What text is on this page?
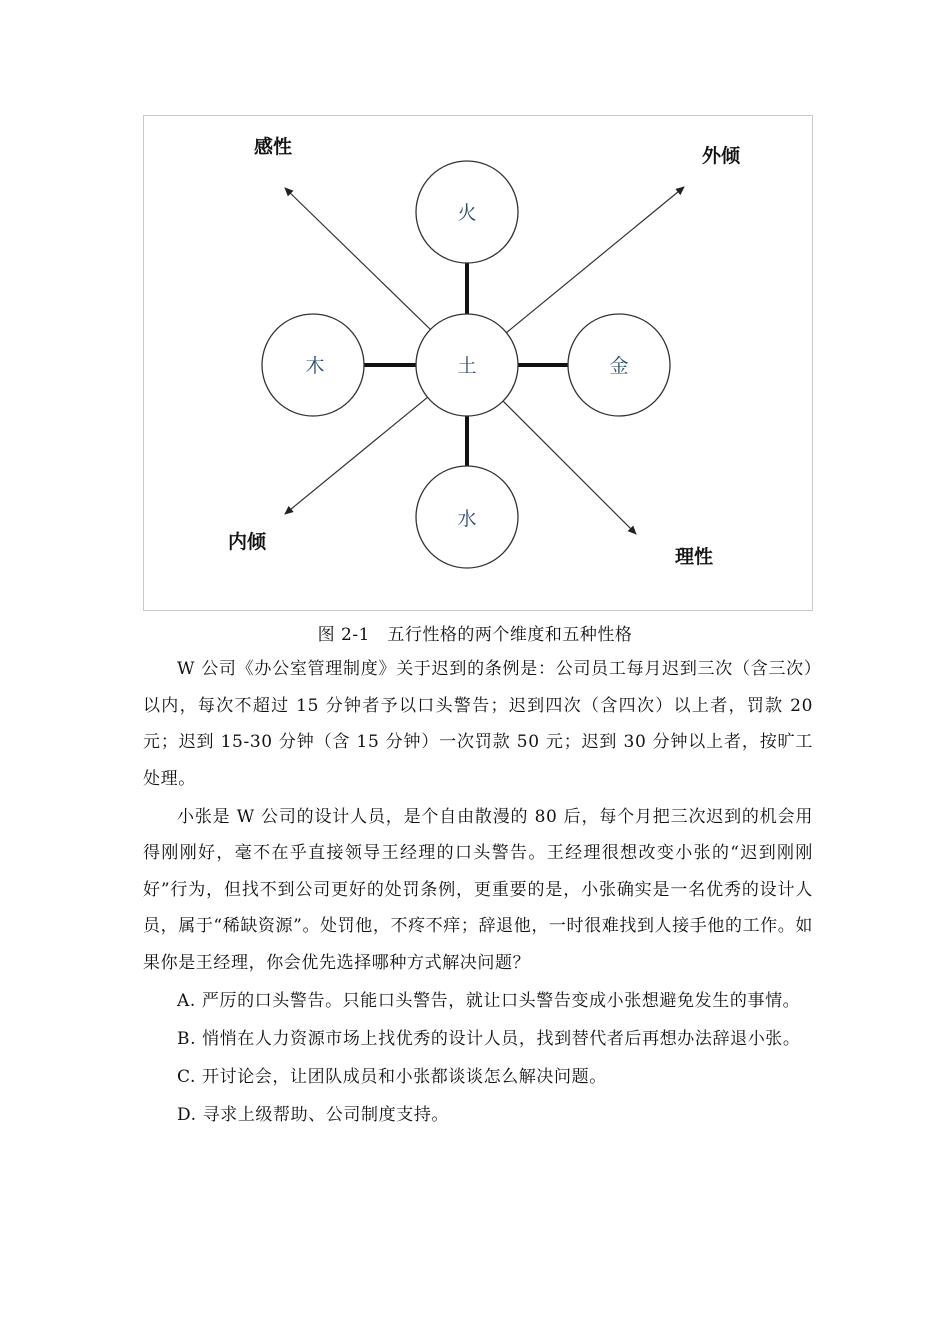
火
木	土	金
水
感性	外倾
内倾
理性
图 2-1　五行性格的两个维度和五种性格

W 公司《办公室管理制度》关于迟到的条例是：公司员工每月迟到三次（含三次）以内，每次不超过 15 分钟者予以口头警告；迟到四次（含四次）以上者，罚款 20 元；迟到 15-30 分钟（含 15 分钟）一次罚款 50 元；迟到 30 分钟以上者，按旷工处理。

小张是 W 公司的设计人员，是个自由散漫的 80 后，每个月把三次迟到的机会用得刚刚好，毫不在乎直接领导王经理的口头警告。王经理很想改变小张的“迟到刚刚好”行为，但找不到公司更好的处罚条例，更重要的是，小张确实是一名优秀的设计人员，属于“稀缺资源”。处罚他，不疼不痒；辞退他，一时很难找到人接手他的工作。如果你是王经理，你会优先选择哪种方式解决问题？

A. 严厉的口头警告。只能口头警告，就让口头警告变成小张想避免发生的事情。

B. 悄悄在人力资源市场上找优秀的设计人员，找到替代者后再想办法辞退小张。

C. 开讨论会，让团队成员和小张都谈谈怎么解决问题。

D. 寻求上级帮助、公司制度支持。
